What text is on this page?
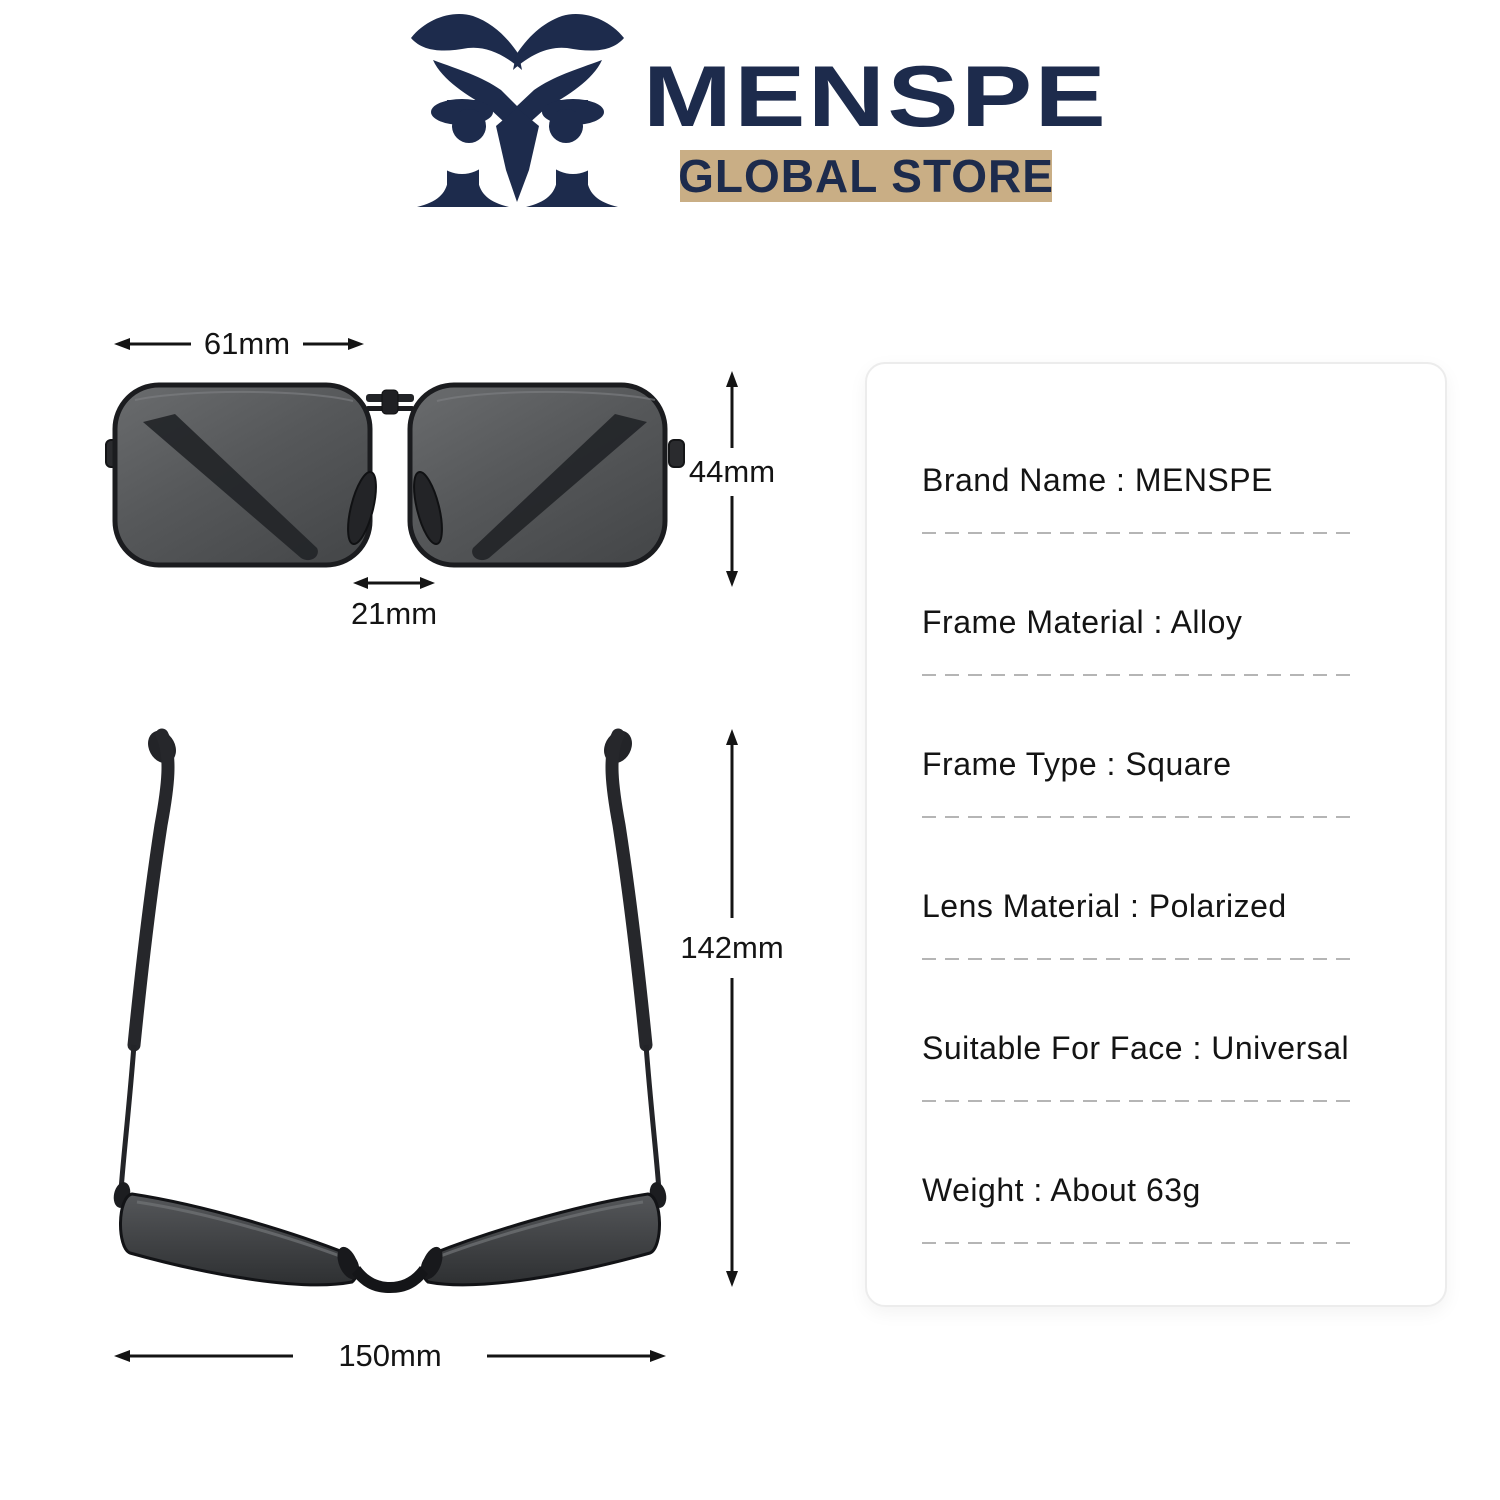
MENSPE
GLOBAL STORE
61mm
44mm
21mm
142mm
150mm
Brand Name : MENSPE
Frame Material : Alloy
Frame Type : Square
Lens Material : Polarized
Suitable For Face : Universal
Weight : About 63g
